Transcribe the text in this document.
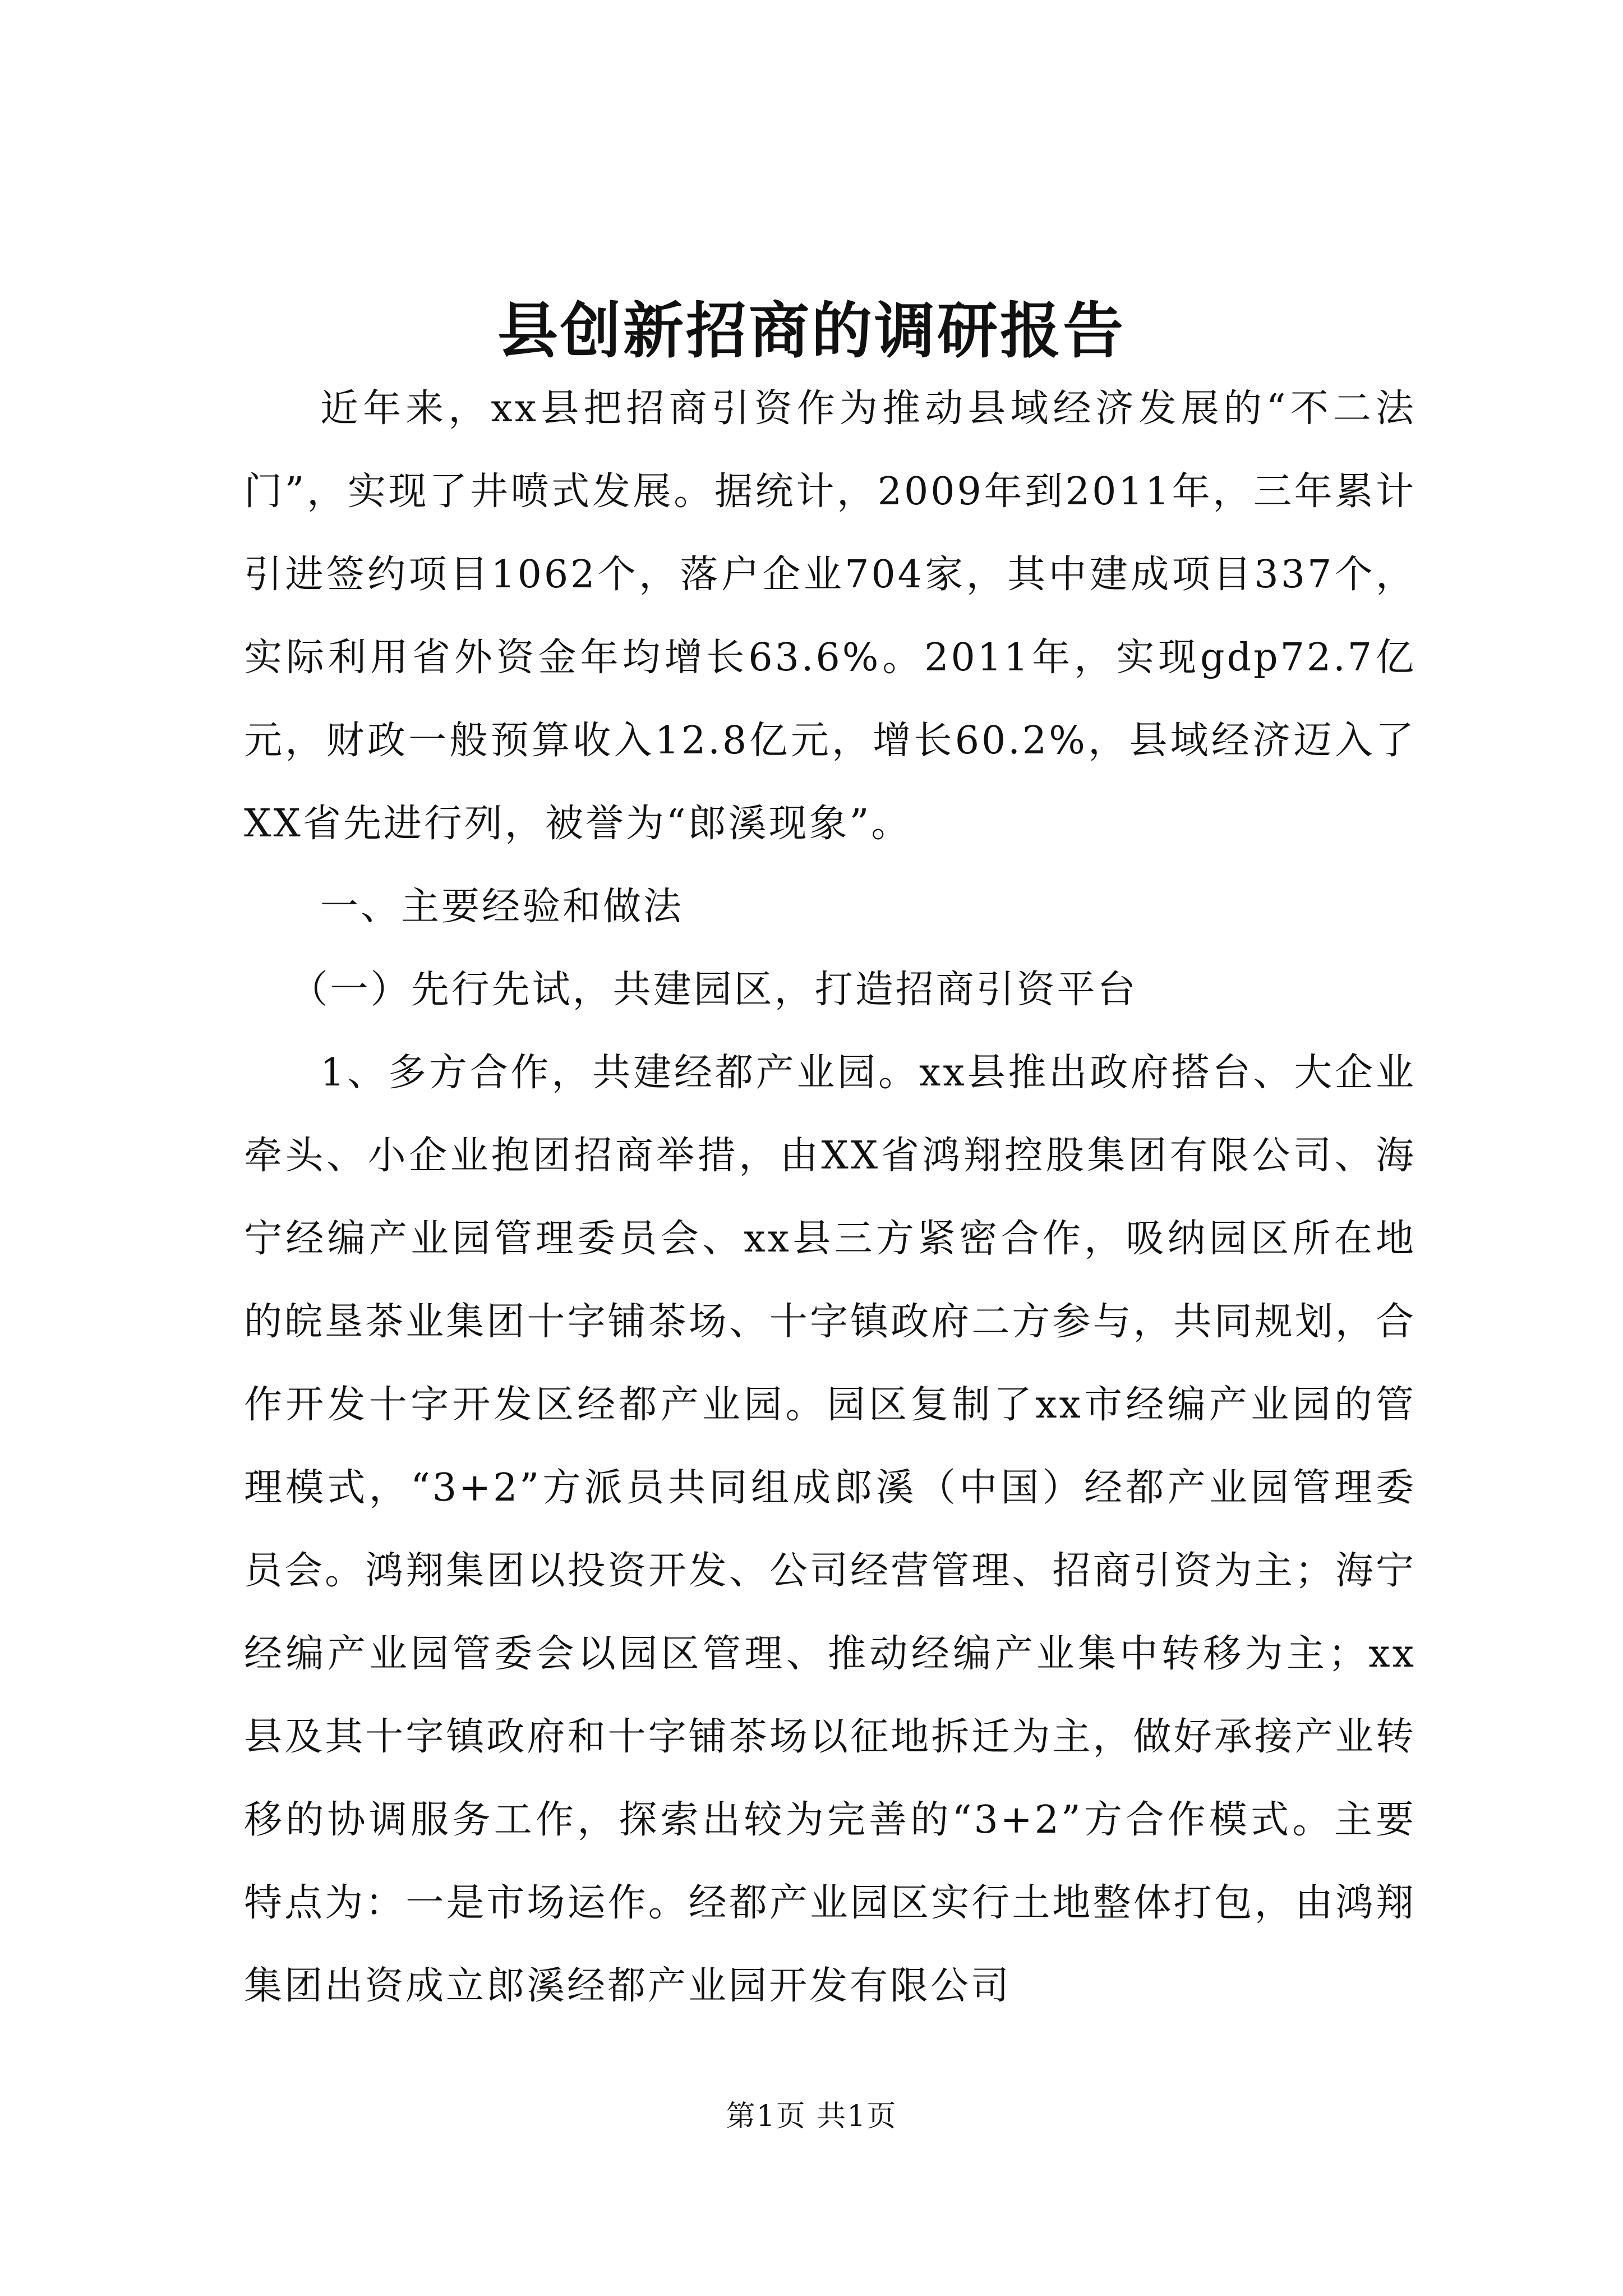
县创新招商的调研报告

近年来，xx县把招商引资作为推动县域经济发展的“不二法门”，实现了井喷式发展。据统计，2009年到2011年，三年累计引进签约项目1062个，落户企业704家，其中建成项目337个，实际利用省外资金年均增长63.6%。2011年，实现gdp72.7亿元，财政一般预算收入12.8亿元，增长60.2%，县域经济迈入了XX省先进行列，被誉为“郎溪现象”。

一、主要经验和做法

（一）先行先试，共建园区，打造招商引资平台

1、多方合作，共建经都产业园。xx县推出政府搭台、大企业牵头、小企业抱团招商举措，由XX省鸿翔控股集团有限公司、海宁经编产业园管理委员会、xx县三方紧密合作，吸纳园区所在地的皖垦茶业集团十字铺茶场、十字镇政府二方参与，共同规划，合作开发十字开发区经都产业园。园区复制了xx市经编产业园的管理模式，“3+2”方派员共同组成郎溪（中国）经都产业园管理委员会。鸿翔集团以投资开发、公司经营管理、招商引资为主；海宁经编产业园管委会以园区管理、推动经编产业集中转移为主；xx县及其十字镇政府和十字铺茶场以征地拆迁为主，做好承接产业转移的协调服务工作，探索出较为完善的“3+2”方合作模式。主要特点为：一是市场运作。经都产业园区实行土地整体打包，由鸿翔集团出资成立郎溪经都产业园开发有限公司

第1页 共1页
